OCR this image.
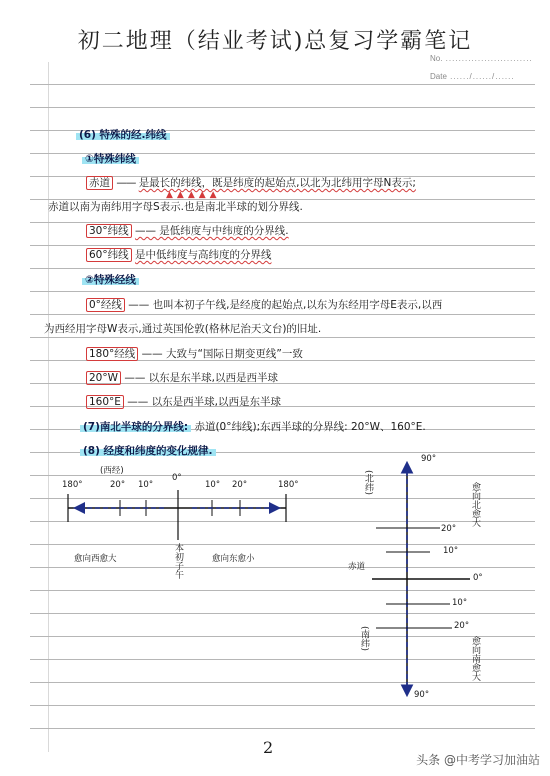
初二地理（结业考试)总复习学霸笔记
No. ...........................
Date ....../....../......
(6) 特殊的经.纬线
①特殊纬线
赤道 —— 是最长的纬线，既是纬度的起始点,以北为北纬用字母N表示;
▲▲▲▲▲
赤道以南为南纬用字母S表示.也是南北半球的划分界线.
30°纬线 —— 是低纬度与中纬度的分界线.
60°纬线 是中低纬度与高纬度的分界线
②特殊经线
0°经线 —— 也叫本初子午线,是经度的起始点,以东为东经用字母E表示,以西
为西经用字母W表示,通过英国伦敦(格林尼治天文台)的旧址.
180°经线 —— 大致与“国际日期变更线”一致
20°W —— 以东是东半球,以西是西半球
160°E —— 以东是西半球,以西是东半球
(7)南北半球的分界线: 赤道(0°纬线);东西半球的分界线: 20°W、160°E.
(8) 经度和纬度的变化规律.
180°	20° 10°
0°
10° 20°	180°
(西经)
愈向西愈大	本初子午	愈向东愈小
(北纬)
(南纬)
赤道
90°
20°
10°
0°
10°
20°
90°
愈向北愈大
愈向南愈大
2
头条 @中考学习加油站
